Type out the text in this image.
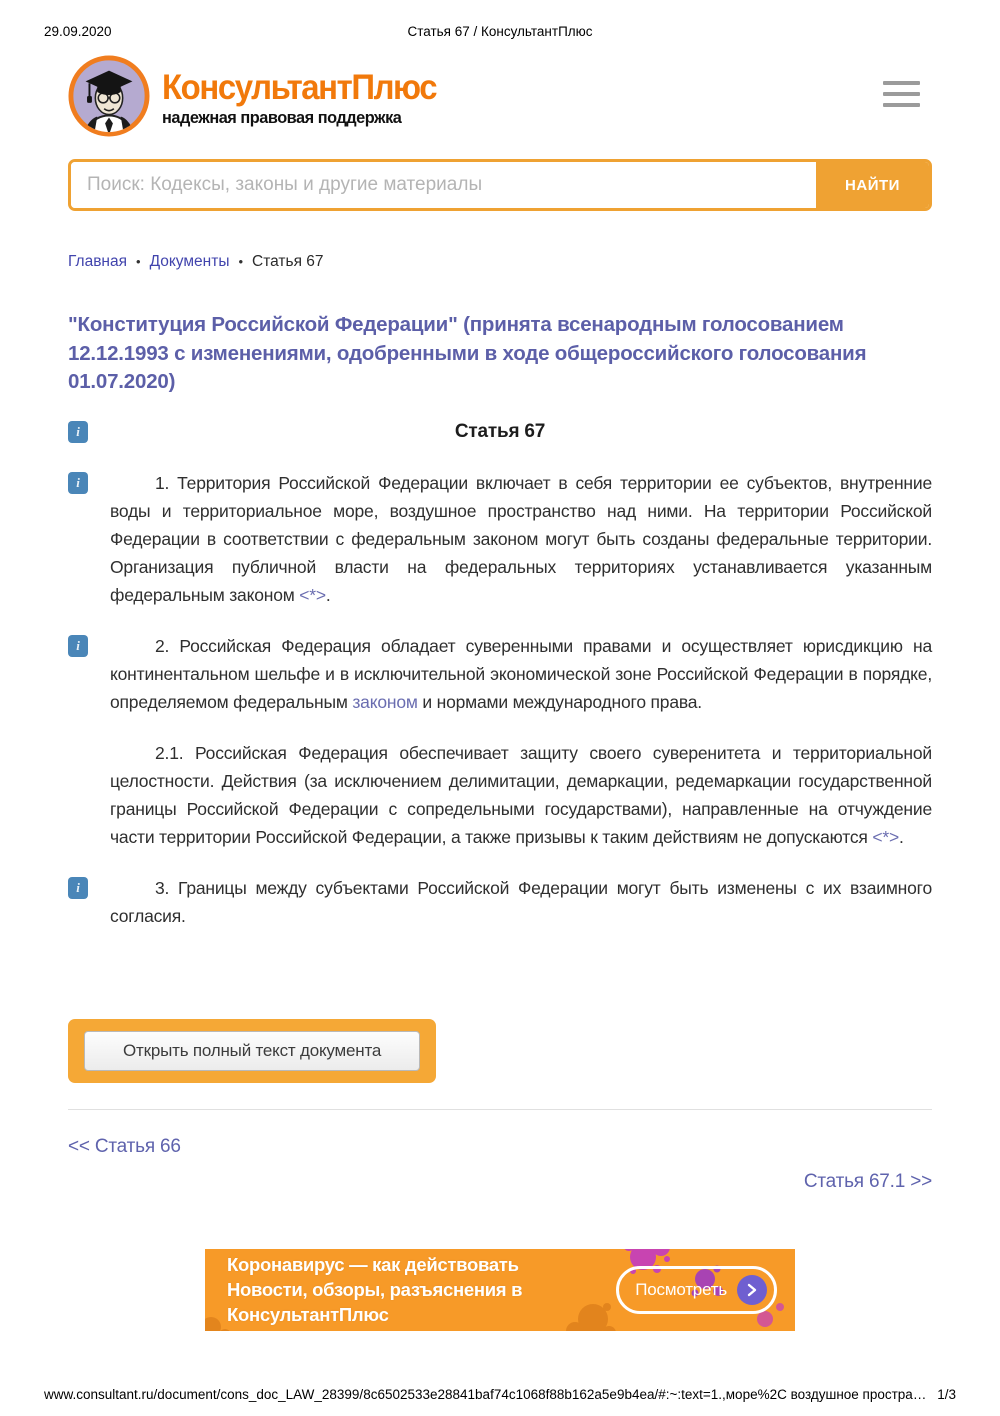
29.09.2020	Статья 67 / КонсультантПлюс
КонсультантПлюс
надежная правовая поддержка
Поиск: Кодексы, законы и другие материалы
НАЙТИ
Главная • Документы • Статья 67
"Конституция Российской Федерации" (принята всенародным голосованием 12.12.1993 с изменениями, одобренными в ходе общероссийского голосования 01.07.2020)
i	Статья 67
i	1. Территория Российской Федерации включает в себя территории ее субъектов, внутренние воды и территориальное море, воздушное пространство над ними. На территории Российской Федерации в соответствии с федеральным законом могут быть созданы федеральные территории. Организация публичной власти на федеральных территориях устанавливается указанным федеральным законом <*>.
i	2. Российская Федерация обладает суверенными правами и осуществляет юрисдикцию на континентальном шельфе и в исключительной экономической зоне Российской Федерации в порядке, определяемом федеральным законом и нормами международного права.
2.1. Российская Федерация обеспечивает защиту своего суверенитета и территориальной целостности. Действия (за исключением делимитации, демаркации, редемаркации государственной границы Российской Федерации с сопредельными государствами), направленные на отчуждение части территории Российской Федерации, а также призывы к таким действиям не допускаются <*>.
i	3. Границы между субъектами Российской Федерации могут быть изменены с их взаимного согласия.
Открыть полный текст документа
<< Статья 66
Статья 67.1 >>
Коронавирус — как действовать
Новости, обзоры, разъяснения в КонсультантПлюс
Посмотреть
www.consultant.ru/document/cons_doc_LAW_28399/8c6502533e28841baf74c1068f88b162a5e9b4ea/#:~:text=1.,море%2C воздушное простра… 1/3
